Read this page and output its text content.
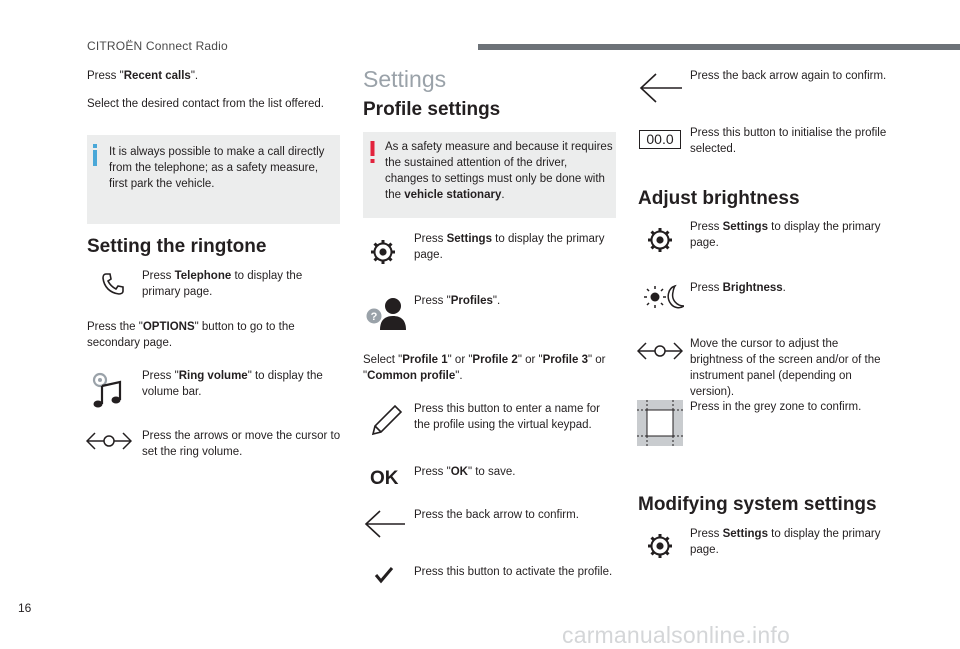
CITROËN Connect Radio
Press "Recent calls".
Select the desired contact from the list offered.
It is always possible to make a call directly from the telephone; as a safety measure, first park the vehicle.
Setting the ringtone
Press Telephone to display the primary page.
Press the "OPTIONS" button to go to the secondary page.
Press "Ring volume" to display the volume bar.
Press the arrows or move the cursor to set the ring volume.
Settings
Profile settings
As a safety measure and because it requires the sustained attention of the driver, changes to settings must only be done with the vehicle stationary.
Press Settings to display the primary page.
?
Press "Profiles".
Select "Profile 1" or "Profile 2" or "Profile 3" or "Common profile".
Press this button to enter a name for the profile using the virtual keypad.
OK Press "OK" to save.
Press the back arrow to confirm.
Press this button to activate the profile.
Press the back arrow again to confirm.
00.0	Press this button to initialise the profile selected.
Adjust brightness
Press Settings to display the primary page.
Press Brightness.
Move the cursor to adjust the brightness of the screen and/or of the instrument panel (depending on version).
Press in the grey zone to confirm.
Modifying system settings
Press Settings to display the primary page.
16
carmanualsonline.info
